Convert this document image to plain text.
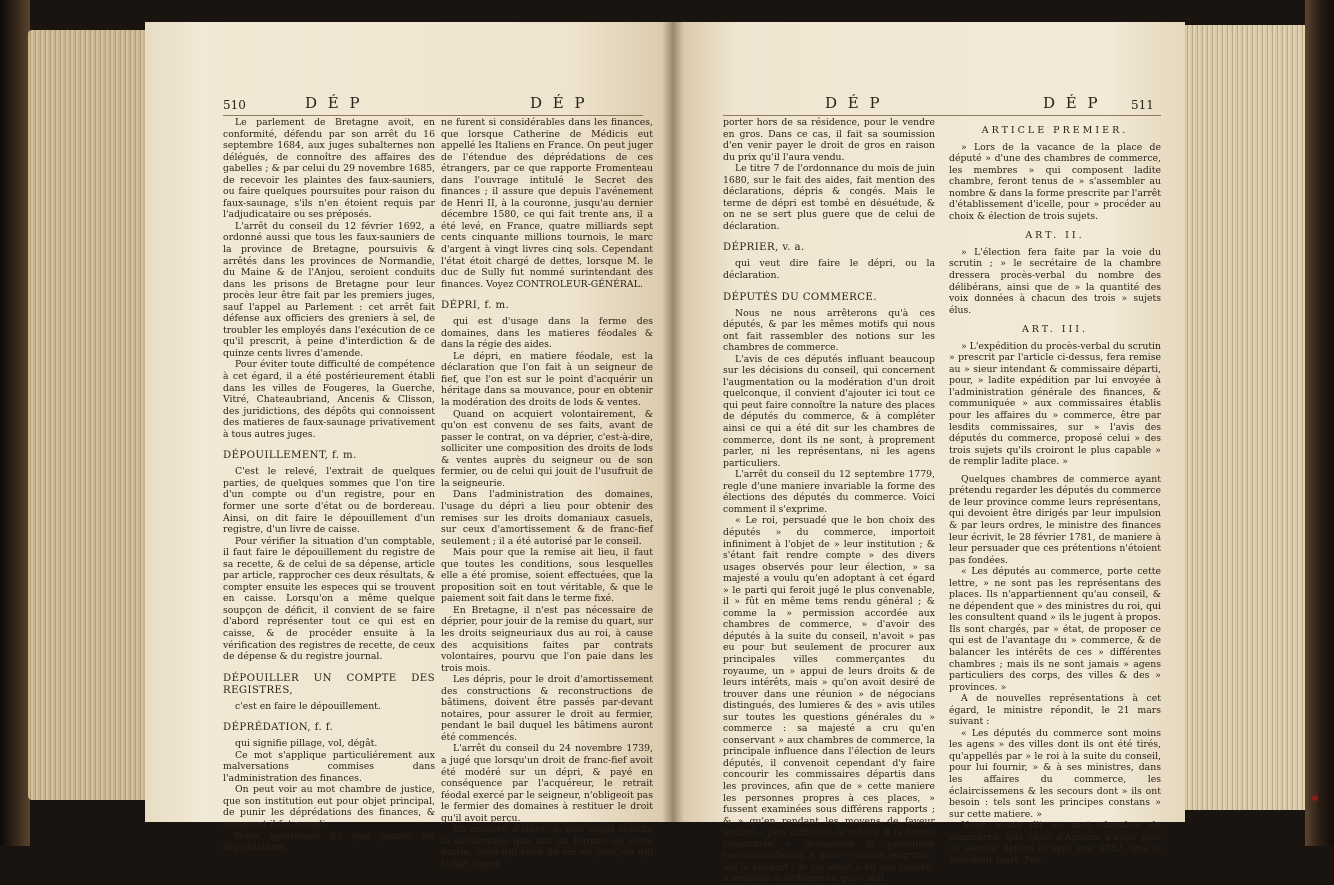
510	D É P	D É P

Le parlement de Bretagne avoit, en conformité, défendu par son arrêt du 16 septembre 1684, aux juges subalternes non délégués, de connoître des affaires des gabelles ; & par celui du 29 novembre 1685, de recevoir les plaintes des faux-sauniers, ou faire quelques poursuites pour raison du faux-saunage, s'ils n'en étoient requis par l'adjudicataire ou ses préposés.

L'arrêt du conseil du 12 février 1692, a ordonné aussi que tous les faux-sauniers de la province de Bretagne, poursuivis & arrêtés dans les provinces de Normandie, du Maine & de l'Anjou, seroient conduits dans les prisons de Bretagne pour leur procès leur être fait par les premiers juges, sauf l'appel au Parlement : cet arrêt fait défense aux officiers des greniers à sel, de troubler les employés dans l'exécution de ce qu'il prescrit, à peine d'interdiction & de quinze cents livres d'amende.

Pour éviter toute difficulté de compétence à cet égard, il a été postérieurement établi dans les villes de Fougeres, la Guerche, Vitré, Chateaubriand, Ancenis & Clisson, des juridictions, des dépôts qui connoissent des matieres de faux-saunage privativement à tous autres juges.

DÉPOUILLEMENT, f. m.

C'est le relevé, l'extrait de quelques parties, de quelques sommes que l'on tire d'un compte ou d'un registre, pour en former une sorte d'état ou de bordereau. Ainsi, on dit faire le dépouillement d'un registre, d'un livre de caisse.

Pour vérifier la situation d'un comptable, il faut faire le dépouillement du registre de sa recette, & de celui de sa dépense, article par article, rapprocher ces deux résultats, & compter ensuite les especes qui se trouvent en caisse. Lorsqu'on a même quelque soupçon de déficit, il convient de se faire d'abord représenter tout ce qui est en caisse, & de procéder ensuite à la vérification des registres de recette, de ceux de dépense & du registre journal.

DÉPOUILLER UN COMPTE DES REGISTRES,

c'est en faire le dépouillement.

DÉPRÉDATION, f. f.

qui signifie pillage, vol, dégât.

Ce mot s'applique particuliérement aux malversations commises dans l'administration des finances.

On peut voir au mot chambre de justice, que son institution eut pour objet principal, de punir les déprédations des finances, & comment il fut rempli.

Nous ajouterons ici que jamais les déprédations

ne furent si considérables dans les finances, que lorsque Catherine de Médicis eut appellé les Italiens en France. On peut juger de l'étendue des déprédations de ces étrangers, par ce que rapporte Fromenteau dans l'ouvrage intitulé le Secret des finances ; il assure que depuis l'avénement de Henri II, à la couronne, jusqu'au dernier décembre 1580, ce qui fait trente ans, il a été levé, en France, quatre milliards sept cents cinquante millions tournois, le marc d'argent à vingt livres cinq sols. Cependant l'état étoit chargé de dettes, lorsque M. le duc de Sully fut nommé surintendant des finances. Voyez CONTROLEUR-GÉNÉRAL.

DÉPRI, f. m.

qui est d'usage dans la ferme des domaines, dans les matieres féodales & dans la régie des aides.

Le dépri, en matiere féodale, est la déclaration que l'on fait à un seigneur de fief, que l'on est sur le point d'acquérir un héritage dans sa mouvance, pour en obtenir la modération des droits de lods & ventes.

Quand on acquiert volontairement, & qu'on est convenu de ses faits, avant de passer le contrat, on va déprier, c'est-à-dire, solliciter une composition des droits de lods & ventes auprès du seigneur ou de son fermier, ou de celui qui jouit de l'usufruit de la seigneurie.

Dans l'administration des domaines, l'usage du dépri a lieu pour obtenir des remises sur les droits domaniaux casuels, sur ceux d'amortissement & de franc-fief seulement ; il a été autorisé par le conseil.

Mais pour que la remise ait lieu, il faut que toutes les conditions, sous lesquelles elle a été promise, soient effectuées, que la proposition soit en tout véritable, & que le paiement soit fait dans le terme fixé.

En Bretagne, il n'est pas nécessaire de déprier, pour jouir de la remise du quart, sur les droits seigneuriaux dus au roi, à cause des acquisitions faites par contrats volontaires, pourvu que l'on paie dans les trois mois.

Les dépris, pour le droit d'amortissement des constructions & reconstructions de bâtimens, doivent être passés par-devant notaires, pour assurer le droit au fermier, pendant le bail duquel les bâtimens auront été commencés.

L'arrêt du conseil du 24 novembre 1739, a jugé que lorsqu'un droit de franc-fief avoit été modéré sur un dépri, & payé en conséquence par l'acquéreur, le retrait féodal exercé par le seigneur, n'obligeoit pas le fermier des domaines à restituer le droit qu'il avoit perçu.

En matiere d'aides, le mot dépri signifie la déclaration que fait au bureau de cette partie, celui qui vend du vin en gros, ou qui le fait transf-

D É P	D É P	511

porter hors de sa résidence, pour le vendre en gros. Dans ce cas, il fait sa soumission d'en venir payer le droit de gros en raison du prix qu'il l'aura vendu.

Le titre 7 de l'ordonnance du mois de juin 1680, sur le fait des aides, fait mention des déclarations, dépris & congés. Mais le terme de dépri est tombé en désuétude, & on ne se sert plus guere que de celui de déclaration.

DÉPRIER, v. a.

qui veut dire faire le dépri, ou la déclaration.

DÉPUTÉS DU COMMERCE.

Nous ne nous arrêterons qu'à ces députés, & par les mêmes motifs qui nous ont fait rassembler des notions sur les chambres de commerce.

L'avis de ces députés influant beaucoup sur les décisions du conseil, qui concernent l'augmentation ou la modération d'un droit quelconque, il convient d'ajouter ici tout ce qui peut faire connoître la nature des places de députés du commerce, & à compléter ainsi ce qui a été dit sur les chambres de commerce, dont ils ne sont, à proprement parler, ni les représentans, ni les agens particuliers.

L'arrêt du conseil du 12 septembre 1779, regle d'une maniere invariable la forme des élections des députés du commerce. Voici comment il s'exprime.

« Le roi, persuadé que le bon choix des députés » du commerce, importoit infiniment à l'objet de » leur institution ; & s'étant fait rendre compte » des divers usages observés pour leur élection, » sa majesté a voulu qu'en adoptant à cet égard » le parti qui feroit jugé le plus convenable, il » fût en même tems rendu général ; & comme la » permission accordée aux chambres de commerce, » d'avoir des députés à la suite du conseil, n'avoit » pas eu pour but seulement de procurer aux principales villes commerçantes du royaume, un » appui de leurs droits & de leurs intérêts, mais » qu'on avoit desiré de trouver dans une réunion » de négocians distingués, des lumieres & des » avis utiles sur toutes les questions générales du » commerce : sa majesté a cru qu'en conservant » aux chambres de commerce, la principale influence dans l'élection de leurs députés, il convenoit cependant d'y faire concourir les commissaires départis dans les provinces, afin que de » cette maniere les personnes propres à ces places, » fussent examinées sous différens rapports ; & » qu'en rendant les moyens de faveur encore » plus difficiles, le mérite & la bonne renommée » devinssent la principale recommandation. A quoi » voulant pourvoir : ouï le rapport ; le roi étant » en son conseil, a ordonné & ordonne ce qui » suit.

ARTICLE PREMIER.

» Lors de la vacance de la place de député » d'une des chambres de commerce, les membres » qui composent ladite chambre, feront tenus de » s'assembler au nombre & dans la forme prescrite par l'arrêt d'établissement d'icelle, pour » procéder au choix & élection de trois sujets.

ART. II.

» L'élection fera faite par la voie du scrutin ; » le secrétaire de la chambre dressera procès-verbal du nombre des délibérans, ainsi que de » la quantité des voix données à chacun des trois » sujets élus.

ART. III.

» L'expédition du procès-verbal du scrutin » prescrit par l'article ci-dessus, fera remise au » sieur intendant & commissaire départi, pour, » ladite expédition par lui envoyée à l'administration générale des finances, & communiquée » aux commissaires établis pour les affaires du » commerce, être par lesdits commissaires, sur » l'avis des députés du commerce, proposé celui » des trois sujets qu'ils croiront le plus capable » de remplir ladite place. »

Quelques chambres de commerce ayant prétendu regarder les députés du commerce de leur province comme leurs représentans, qui devoient être dirigés par leur impulsion & par leurs ordres, le ministre des finances leur écrivit, le 28 février 1781, de maniere à leur persuader que ces prétentions n'étoient pas fondées.

« Les députés au commerce, porte cette lettre, » ne sont pas les représentans des places. Ils n'appartiennent qu'au conseil, & ne dépendent que » des ministres du roi, qui les consultent quand » ils le jugent à propos. Ils sont chargés, par » état, de proposer ce qui est de l'avantage du » commerce, & de balancer les intérêts de ces » différentes chambres ; mais ils ne sont jamais » agens particuliers des corps, des villes & des » provinces. »

A de nouvelles représentations à cet égard, le ministre répondit, le 21 mars suivant :

« Les députés du commerce sont moins les agens » des villes dont ils ont été tirés, qu'appellés par » le roi à la suite du conseil, pour lui fournir, » & à ses ministres, dans les affaires du commerce, les éclaircissemens & les secours dont » ils ont besoin : tels sont les principes constans » sur cette matiere. »

Nous avons dit au mot chambre de commerce, que celle d'Amiens n'avoit plus de député depuis le sept mai 1782, que le sien étoit mort. Peu
